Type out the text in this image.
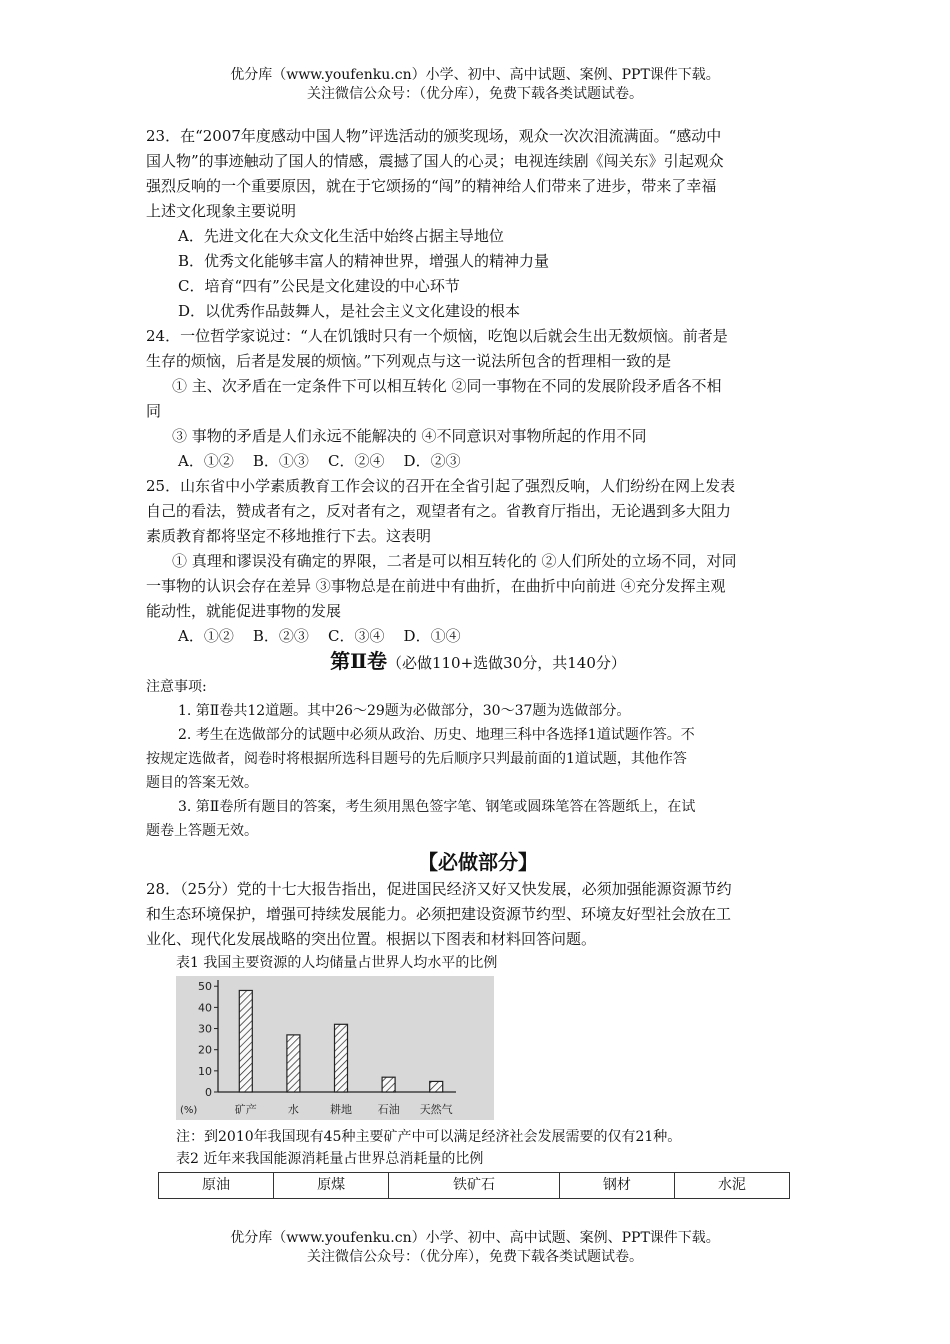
优分库（www.youfenku.cn）小学、初中、高中试题、案例、PPT课件下载。
关注微信公众号：（优分库），免费下载各类试题试卷。

23．在“2007年度感动中国人物”评选活动的颁奖现场，观众一次次泪流满面。“感动中

国人物”的事迹触动了国人的情感，震撼了国人的心灵；电视连续剧《闯关东》引起观众

强烈反响的一个重要原因，就在于它颂扬的“闯”的精神给人们带来了进步，带来了幸福

上述文化现象主要说明

A．先进文化在大众文化生活中始终占据主导地位

B．优秀文化能够丰富人的精神世界，增强人的精神力量

C．培育“四有”公民是文化建设的中心环节

D．以优秀作品鼓舞人，是社会主义文化建设的根本

24．一位哲学家说过：“人在饥饿时只有一个烦恼，吃饱以后就会生出无数烦恼。前者是

生存的烦恼，后者是发展的烦恼。”下列观点与这一说法所包含的哲理相一致的是

① 主、次矛盾在一定条件下可以相互转化 ②同一事物在不同的发展阶段矛盾各不相

同

③ 事物的矛盾是人们永远不能解决的 ④不同意识对事物所起的作用不同

A．①②    B．①③    C．②④    D．②③

25．山东省中小学素质教育工作会议的召开在全省引起了强烈反响，人们纷纷在网上发表

自己的看法，赞成者有之，反对者有之，观望者有之。省教育厅指出，无论遇到多大阻力

素质教育都将坚定不移地推行下去。这表明

① 真理和谬误没有确定的界限，二者是可以相互转化的 ②人们所处的立场不同，对同

一事物的认识会存在差异 ③事物总是在前进中有曲折，在曲折中向前进 ④充分发挥主观

能动性，就能促进事物的发展

A．①②    B．②③    C．③④    D．①④

第Ⅱ卷（必做110+选做30分，共140分）

注意事项:
1. 第Ⅱ卷共12道题。其中26～29题为必做部分，30～37题为选做部分。
2. 考生在选做部分的试题中必须从政治、历史、地理三科中各选择1道试题作答。不
按规定选做者，阅卷时将根据所选科目题号的先后顺序只判最前面的1道试题，其他作答
题目的答案无效。
3. 第Ⅱ卷所有题目的答案，考生须用黑色签字笔、钢笔或圆珠笔答在答题纸上，在试
题卷上答题无效。

【必做部分】

28．（25分）党的十七大报告指出，促进国民经济又好又快发展，必须加强能源资源节约

和生态环境保护，增强可持续发展能力。必须把建设资源节约型、环境友好型社会放在工

业化、现代化发展战略的突出位置。根据以下图表和材料回答问题。

表1 我国主要资源的人均储量占世界人均水平的比例
0
10
20
30
40
50
(%)	矿产	水	耕地 石油 天然气
注：到2010年我国现有45种主要矿产中可以满足经济社会发展需要的仅有21种。
表2 近年来我国能源消耗量占世界总消耗量的比例
原油	原煤	铁矿石	钢材	水泥
优分库（www.youfenku.cn）小学、初中、高中试题、案例、PPT课件下载。
关注微信公众号：（优分库），免费下载各类试题试卷。
